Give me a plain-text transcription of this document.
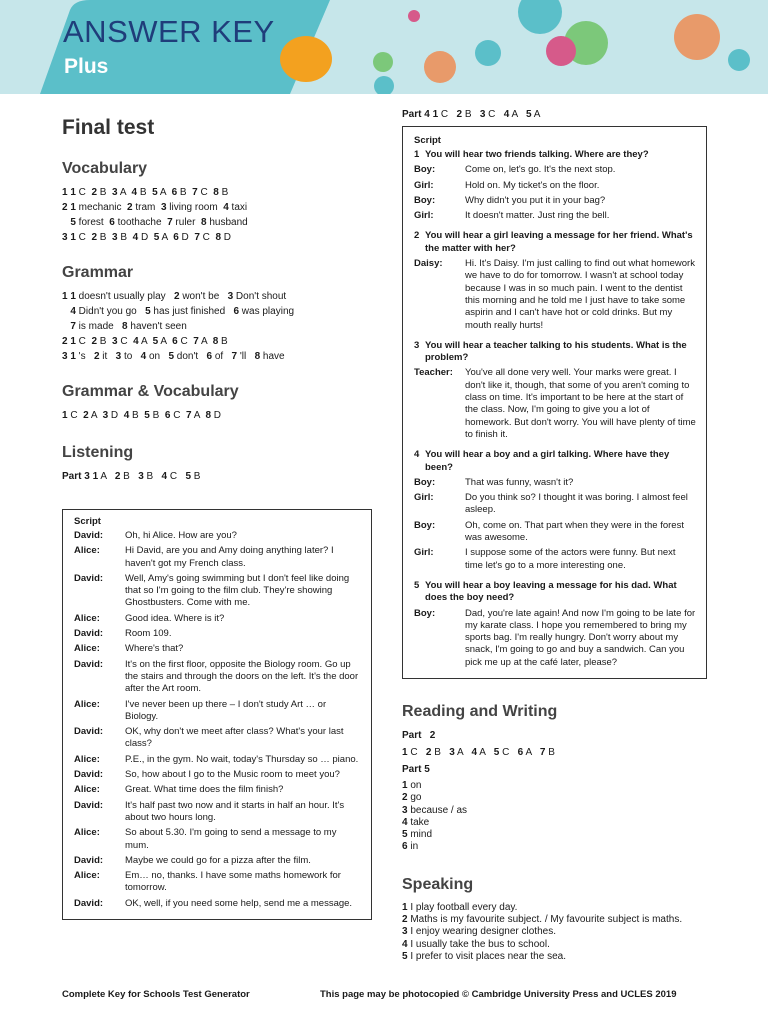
ANSWER KEY
Plus
Final test
Vocabulary
1 1 C  2 B  3 A  4 B  5 A  6 B  7 C  8 B
2 1 mechanic  2 tram  3 living room  4 taxi
5 forest  6 toothache  7 ruler  8 husband
3 1 C  2 B  3 B  4 D  5 A  6 D  7 C  8 D
Grammar
1 1 doesn't usually play   2 won't be   3 Don't shout
4 Didn't you go   5 has just finished   6 was playing
7 is made   8 haven't seen
2 1 C  2 B  3 C  4 A  5 A  6 C  7 A  8 B
3 1 's   2 it   3 to   4 on   5 don't   6 of   7 'll   8 have
Grammar & Vocabulary
1 C  2 A  3 D  4 B  5 B  6 C  7 A  8 D
Listening
Part 3 1 A   2 B   3 B   4 C   5 B
Script
David:	Oh, hi Alice. How are you?
Alice:	Hi David, are you and Amy doing anything later? I haven't got my French class.
David:	Well, Amy's going swimming but I don't feel like doing that so I'm going to the film club. They're showing Ghostbusters. Come with me.
Alice:	Good idea. Where is it?
David:	Room 109.
Alice:	Where's that?
David:	It's on the first floor, opposite the Biology room. Go up the stairs and through the doors on the left. It's the door after the Art room.
Alice:	I've never been up there – I don't study Art … or Biology.
David:	OK, why don't we meet after class? What's your last class?
Alice:	P.E., in the gym. No wait, today's Thursday so … piano.
David:	So, how about I go to the Music room to meet you?
Alice:	Great. What time does the film finish?
David:	It's half past two now and it starts in half an hour. It's about two hours long.
Alice:	So about 5.30. I'm going to send a message to my mum.
David:	Maybe we could go for a pizza after the film.
Alice:	Em… no, thanks. I have some maths homework for tomorrow.
David:	OK, well, if you need some help, send me a message.
Part 4 1 C   2 B   3 C   4 A   5 A
Script
1 You will hear two friends talking. Where are they?
Boy:	Come on, let's go. It's the next stop.
Girl:	Hold on. My ticket's on the floor.
Boy:	Why didn't you put it in your bag?
Girl:	It doesn't matter. Just ring the bell.
2 You will hear a girl leaving a message for her friend. What's the matter with her?
Daisy:	Hi. It's Daisy. I'm just calling to find out what homework we have to do for tomorrow. I wasn't at school today because I was in so much pain. I went to the dentist this morning and he told me I just have to take some aspirin and I can't have hot or cold drinks. But my mouth really hurts!
3 You will hear a teacher talking to his students. What is the problem?
Teacher:	You've all done very well. Your marks were great. I don't like it, though, that some of you aren't coming to class on time. It's important to be here at the start of the class. Now, I'm going to give you a lot of homework. But don't worry. You will have plenty of time to finish it.
4 You will hear a boy and a girl talking. Where have they been?
Boy:	That was funny, wasn't it?
Girl:	Do you think so? I thought it was boring. I almost feel asleep.
Boy:	Oh, come on. That part when they were in the forest was awesome.
Girl:	I suppose some of the actors were funny. But next time let's go to a more interesting one.
5 You will hear a boy leaving a message for his dad. What does the boy need?
Boy:	Dad, you're late again! And now I'm going to be late for my karate class. I hope you remembered to bring my sports bag. I'm really hungry. Don't worry about my snack, I'm going to go and buy a sandwich. Can you pick me up at the café later, please?
Reading and Writing
Part   2
1 C   2 B   3 A   4 A   5 C   6 A   7 B
Part 5
1 on
2 go
3 because / as
4 take
5 mind
6 in
Speaking
1 I play football every day.
2 Maths is my favourite subject. / My favourite subject is maths.
3 I enjoy wearing designer clothes.
4 I usually take the bus to school.
5 I prefer to visit places near the sea.
Complete Key for Schools Test Generator	This page may be photocopied © Cambridge University Press and UCLES 2019
